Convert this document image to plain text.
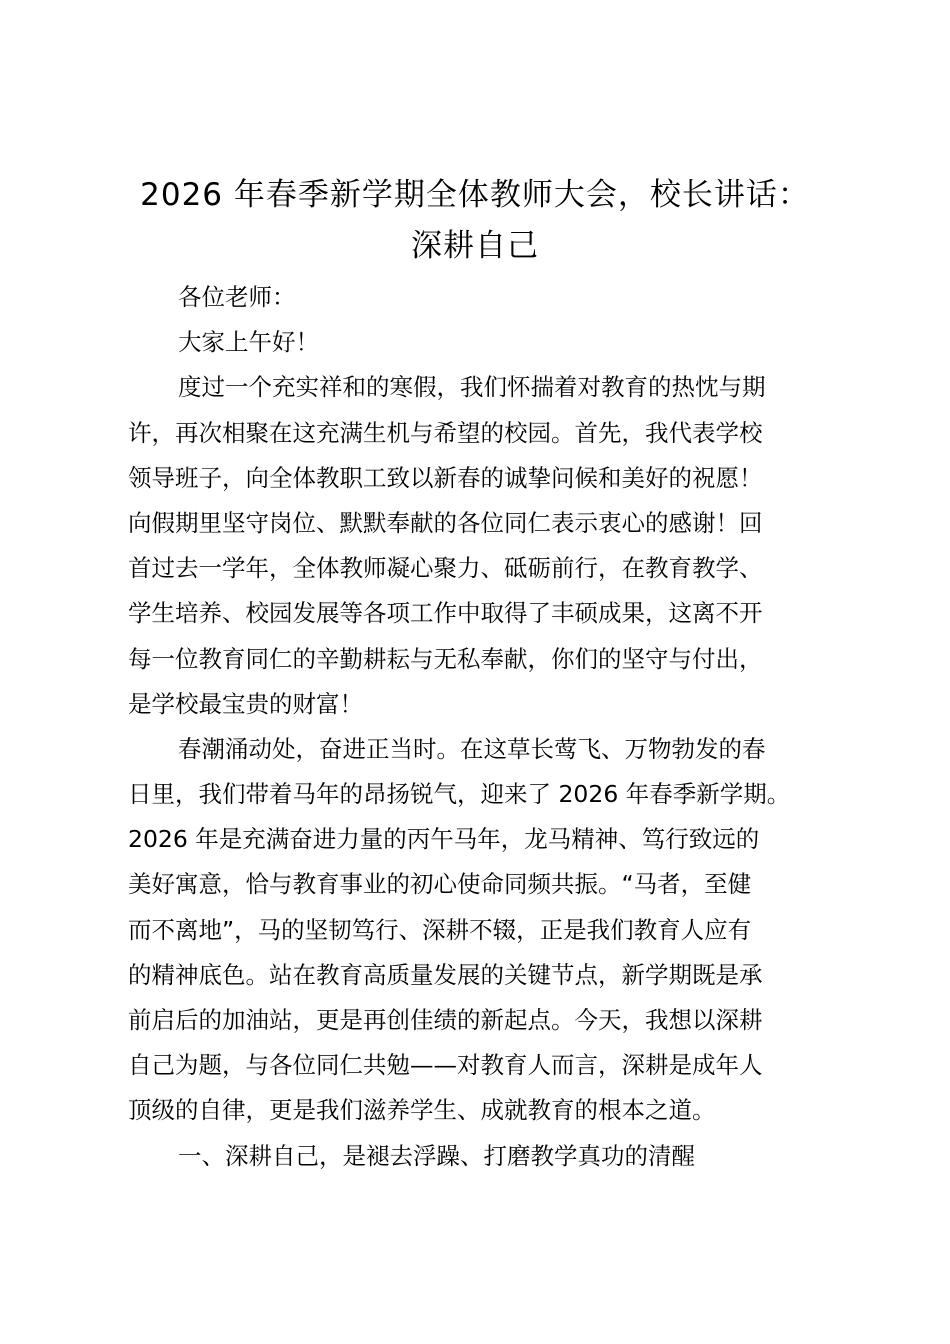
2026 年春季新学期全体教师大会，校长讲话：
深耕自己
各位老师：
大家上午好！
度过一个充实祥和的寒假，我们怀揣着对教育的热忱与期
许，再次相聚在这充满生机与希望的校园。首先，我代表学校
领导班子，向全体教职工致以新春的诚挚问候和美好的祝愿！
向假期里坚守岗位、默默奉献的各位同仁表示衷心的感谢！回
首过去一学年，全体教师凝心聚力、砥砺前行，在教育教学、
学生培养、校园发展等各项工作中取得了丰硕成果，这离不开
每一位教育同仁的辛勤耕耘与无私奉献，你们的坚守与付出，
是学校最宝贵的财富！
春潮涌动处，奋进正当时。在这草长莺飞、万物勃发的春
日里，我们带着马年的昂扬锐气，迎来了 2026 年春季新学期。
2026 年是充满奋进力量的丙午马年，龙马精神、笃行致远的
美好寓意，恰与教育事业的初心使命同频共振。“马者，至健
而不离地”，马的坚韧笃行、深耕不辍，正是我们教育人应有
的精神底色。站在教育高质量发展的关键节点，新学期既是承
前启后的加油站，更是再创佳绩的新起点。今天，我想以深耕
自己为题，与各位同仁共勉——对教育人而言，深耕是成年人
顶级的自律，更是我们滋养学生、成就教育的根本之道。
一、深耕自己，是褪去浮躁、打磨教学真功的清醒
